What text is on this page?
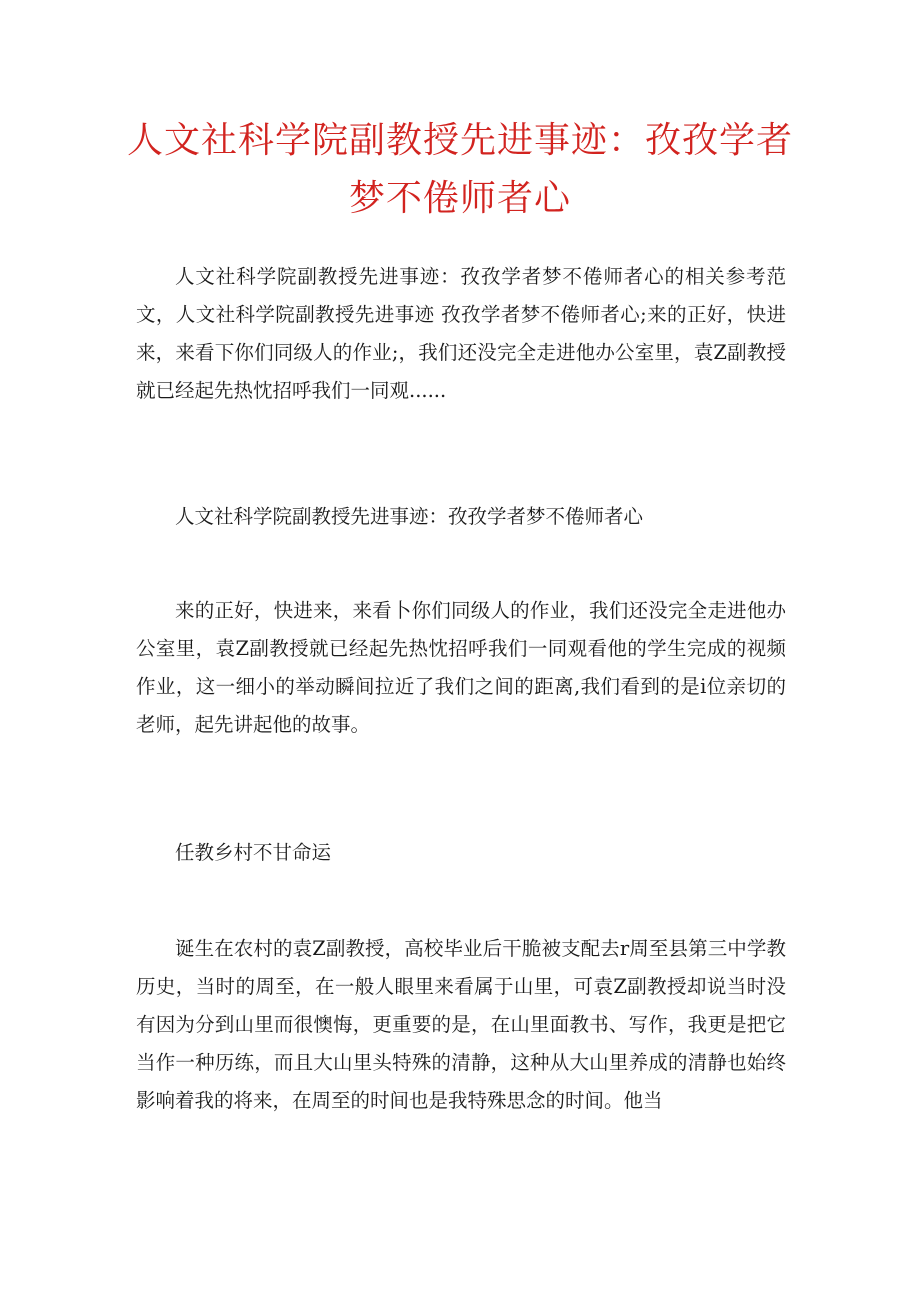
人文社科学院副教授先进事迹：孜孜学者梦不倦师者心

人文社科学院副教授先进事迹：孜孜学者梦不倦师者心的相关参考范文，人文社科学院副教授先进事迹 孜孜学者梦不倦师者心;来的正好，快进来，来看下你们同级人的作业;，我们还没完全走进他办公室里，袁Z副教授就已经起先热忱招呼我们一同观......

人文社科学院副教授先进事迹：孜孜学者梦不倦师者心

来的正好，快进来，来看卜你们同级人的作业，我们还没完全走进他办公室里，袁Z副教授就已经起先热忱招呼我们一同观看他的学生完成的视频作业，这一细小的举动瞬间拉近了我们之间的距离,我们看到的是i位亲切的老师，起先讲起他的故事。

任教乡村不甘命运

诞生在农村的袁Z副教授，高校毕业后干脆被支配去r周至县第三中学教历史，当时的周至，在一般人眼里来看属于山里，可袁Z副教授却说当时没有因为分到山里而很懊悔，更重要的是，在山里面教书、写作，我更是把它当作一种历练，而且大山里头特殊的清静，这种从大山里养成的清静也始终影响着我的将来，在周至的时间也是我特殊思念的时间。他当
